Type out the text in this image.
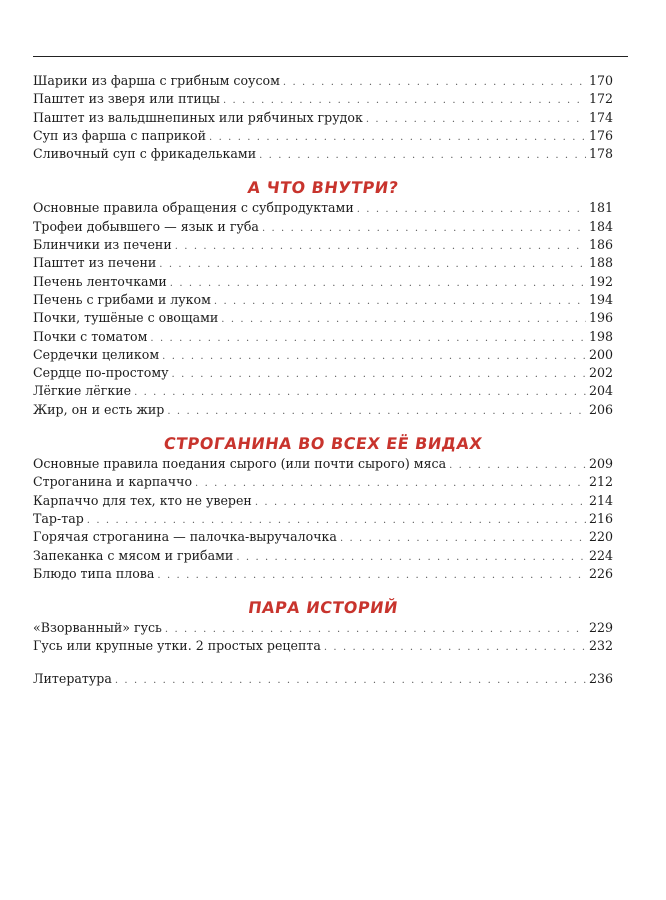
Шарики из фарша с грибным соусом . . .	170
Паштет из зверя или птицы . . .	172
Паштет из вальдшнепиных или рябчиных грудок . . .	174
Суп из фарша с паприкой . . .	176
Сливочный суп с фрикадельками . . .	178
А ЧТО ВНУТРИ?
Основные правила обращения с субпродуктами . . .	181
Трофеи добывшего — язык и губа . . .	184
Блинчики из печени . . .	186
Паштет из печени . . .	188
Печень ленточками . . .	192
Печень с грибами и луком . . .	194
Почки, тушёные с овощами . . .	196
Почки с томатом . . .	198
Сердечки целиком . . .	200
Сердце по-простому . . .	202
Лёгкие лёгкие . . .	204
Жир, он и есть жир . . .	206
СТРОГАНИНА ВО ВСЕХ ЕЁ ВИДАХ
Основные правила поедания сырого (или почти сырого) мяса . . .	209
Строганина и карпаччо . . .	212
Карпаччо для тех, кто не уверен . . .	214
Тар-тар . . .	216
Горячая строганина — палочка-выручалочка . . .	220
Запеканка с мясом и грибами . . .	224
Блюдо типа плова . . .	226
ПАРА ИСТОРИЙ
«Взорванный» гусь . . .	229
Гусь или крупные утки. 2 простых рецепта . . .	232
Литература . . .	236
